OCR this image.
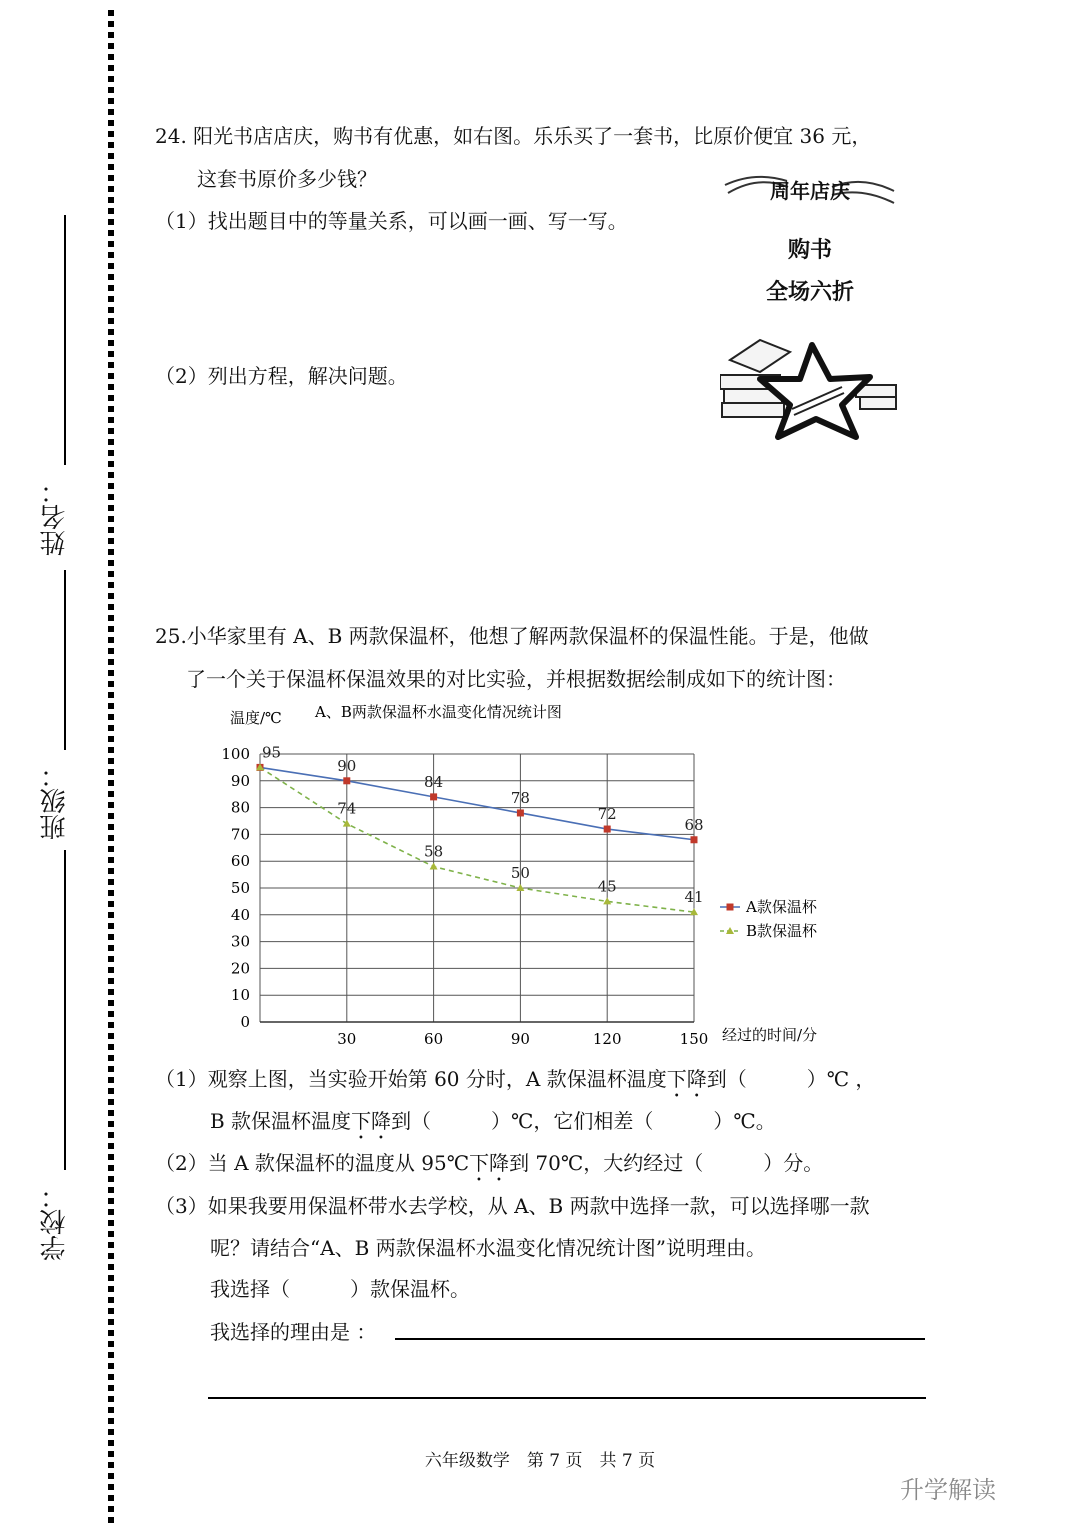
姓名：
班级：
学校：
24. 阳光书店店庆，购书有优惠，如右图。乐乐买了一套书，比原价便宜 36 元，
这套书原价多少钱？
（1）找出题目中的等量关系，可以画一画、写一写。
（2）列出方程，解决问题。
周年店庆
购书
全场六折
25.小华家里有 A、B 两款保温杯，他想了解两款保温杯的保温性能。于是，他做
了一个关于保温杯保温效果的对比实验，并根据数据绘制成如下的统计图：
A、B两款保温杯水温变化情况统计图
温度/℃
经过的时间/分
0
10
20
30
40
50
60
70
80
90
100
30	60	90	120	150
95
90
84
78
72
68
74
58
50
45
41
A款保温杯
B款保温杯
（1）观察上图，当实验开始第 60 分时，A 款保温杯温度下降到（　　　）℃ ，
B 款保温杯温度下降到（　　　）℃，它们相差（　　　）℃。
（2）当 A 款保温杯的温度从 95℃下降到 70℃，大约经过（　　　）分。
（3）如果我要用保温杯带水去学校，从 A、B 两款中选择一款，可以选择哪一款
呢？请结合“A、B 两款保温杯水温变化情况统计图”说明理由。
我选择（　　　）款保温杯。
我选择的理由是 ：
六年级数学　第 7 页　共 7 页
升学解读
